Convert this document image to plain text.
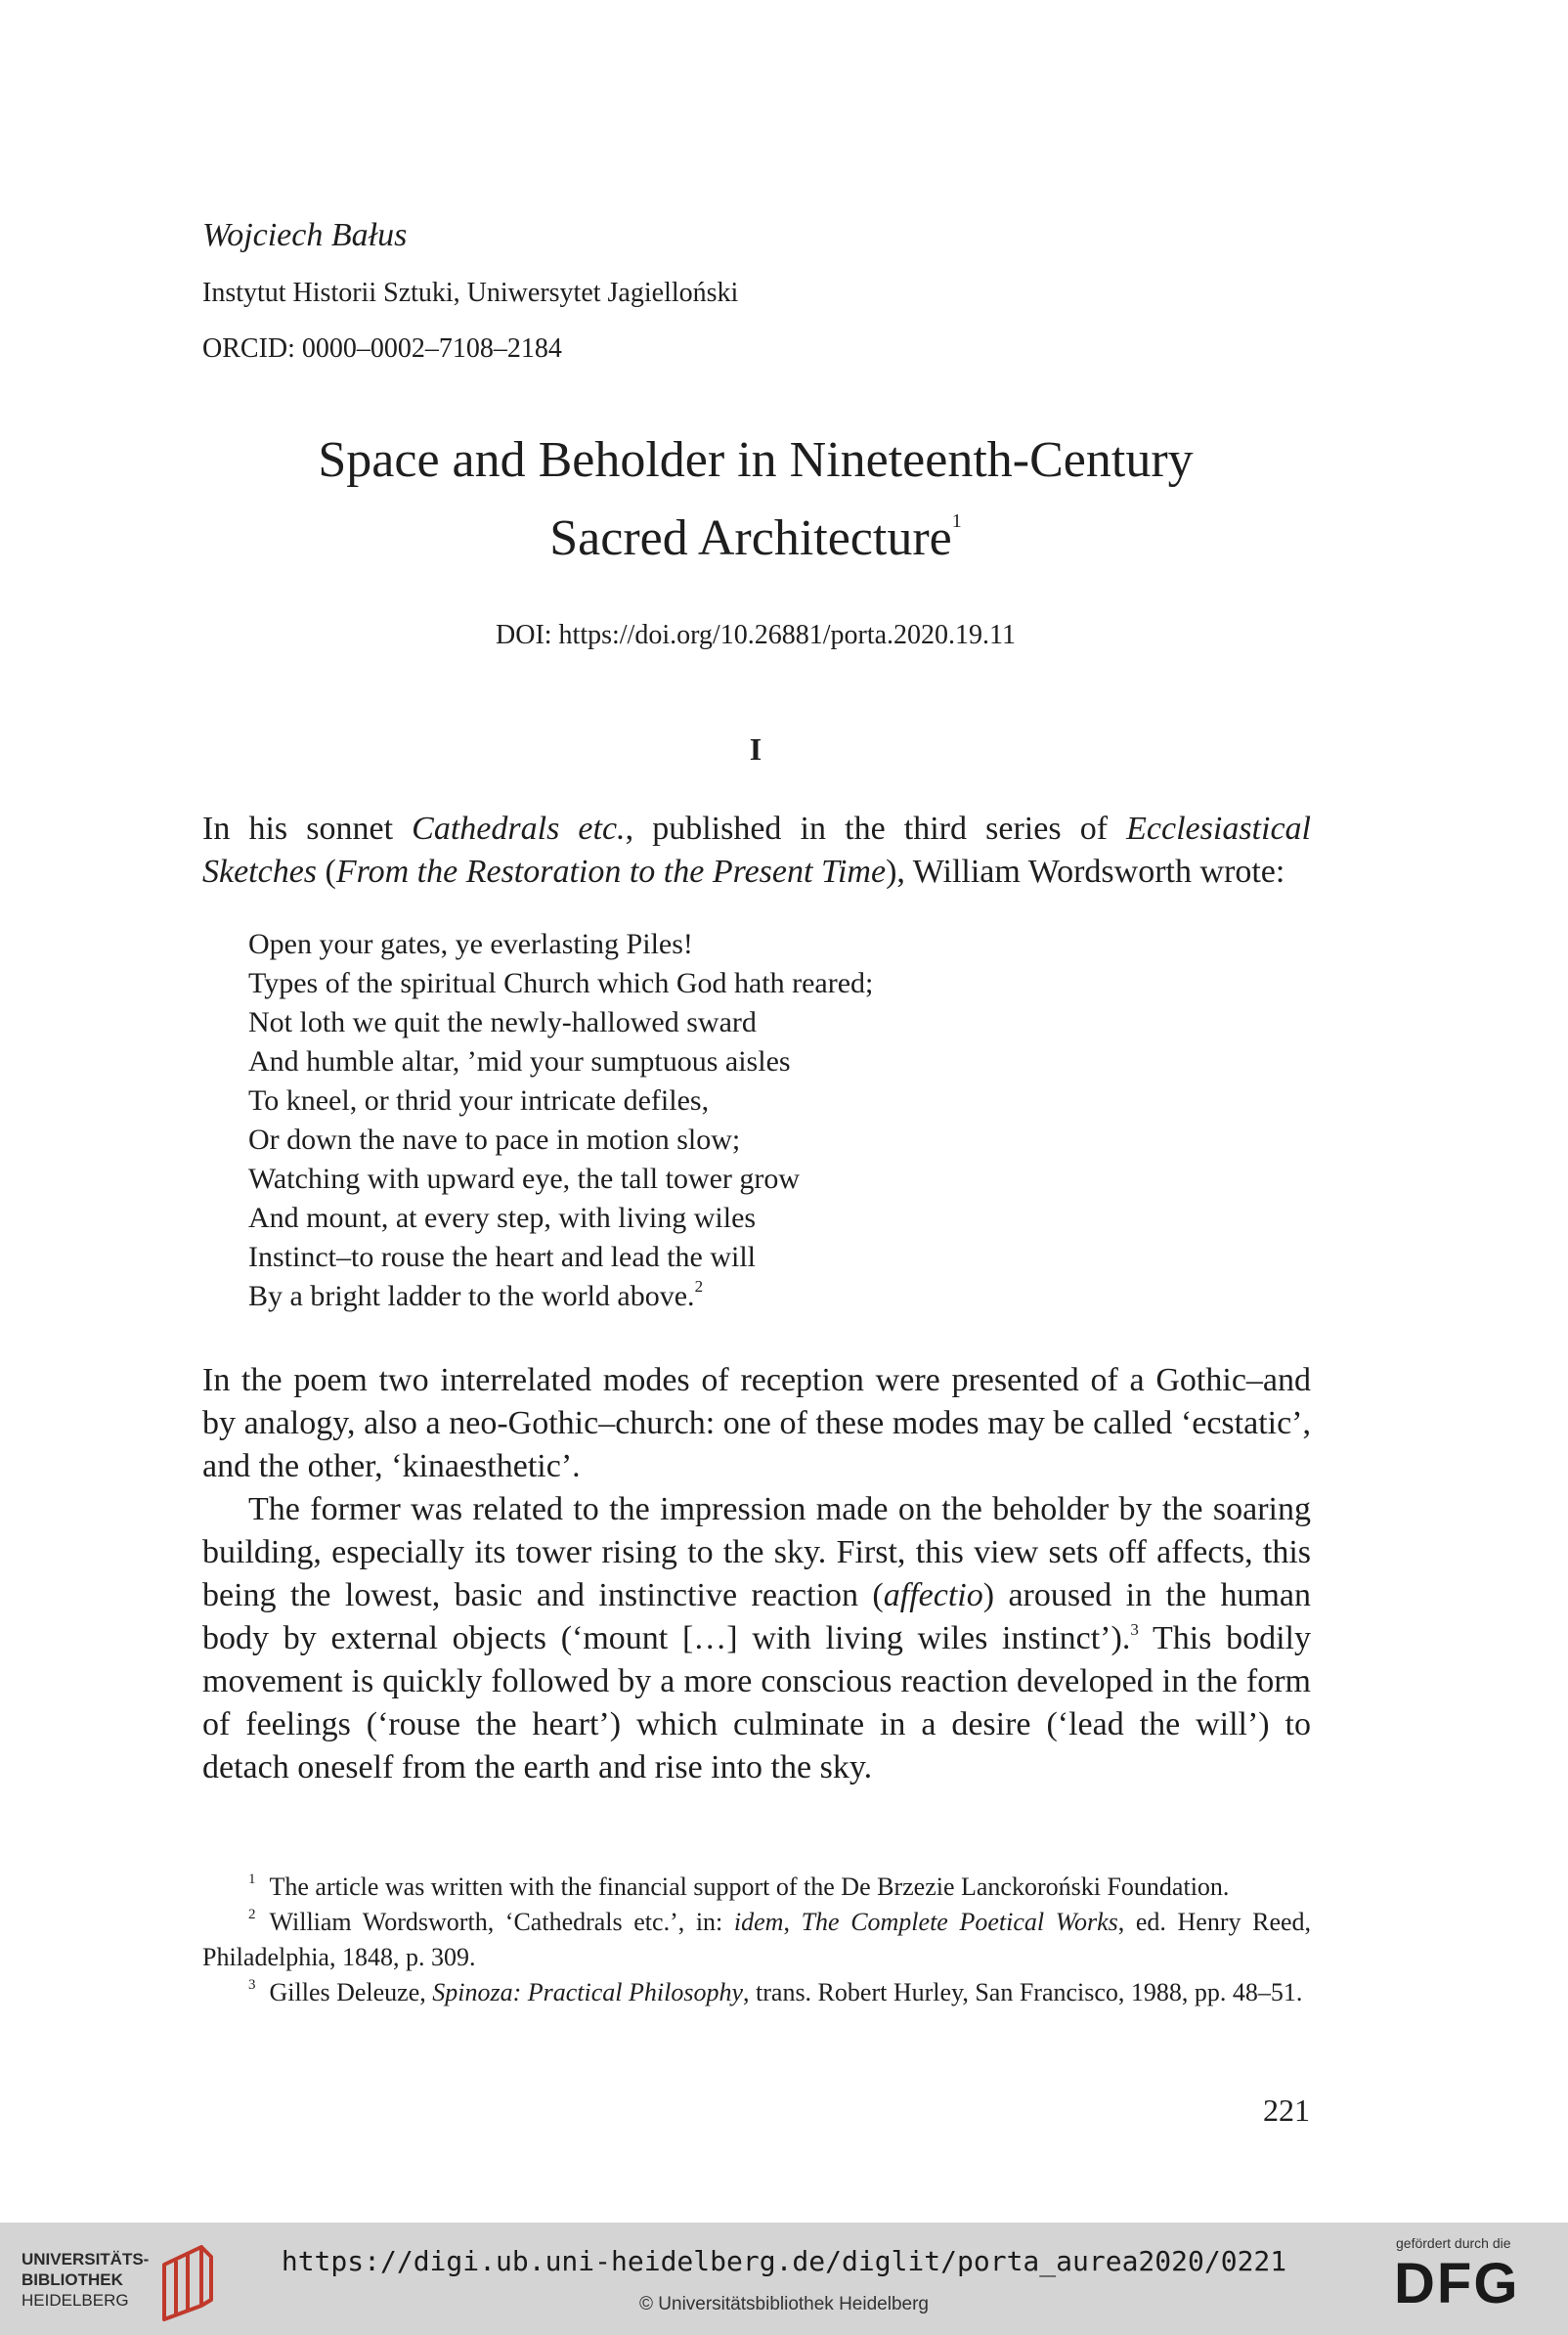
Wojciech Bałus
Instytut Historii Sztuki, Uniwersytet Jagielloński
ORCID: 0000–0002–7108–2184
Space and Beholder in Nineteenth-Century
Sacred Architecture$^1$
DOI: https://doi.org/10.26881/porta.2020.19.11
I

In his sonnet Cathedrals etc., published in the third series of Ecclesiastical Sketches (From the Restoration to the Present Time), William Wordsworth wrote:

Open your gates, ye everlasting Piles!
Types of the spiritual Church which God hath reared;
Not loth we quit the newly-hallowed sward
And humble altar, ’mid your sumptuous aisles
To kneel, or thrid your intricate defiles,
Or down the nave to pace in motion slow;
Watching with upward eye, the tall tower grow
And mount, at every step, with living wiles
Instinct–to rouse the heart and lead the will
By a bright ladder to the world above.$^2$

In the poem two interrelated modes of reception were presented of a Gothic–and by analogy, also a neo-Gothic–church: one of these modes may be called ‘ecstatic’, and the other, ‘kinaesthetic’.

The former was related to the impression made on the beholder by the soaring building, especially its tower rising to the sky. First, this view sets off affects, this being the lowest, basic and instinctive reaction (affectio) aroused in the human body by external objects (‘mount […] with living wiles instinct’).$^3$ This bodily movement is quickly followed by a more conscious reaction developed in the form of feelings (‘rouse the heart’) which culminate in a desire (‘lead the will’) to detach oneself from the earth and rise into the sky.

$^1$ The article was written with the financial support of the De Brzezie Lanckoroński Foundation.

$^2$ William Wordsworth, ‘Cathedrals etc.’, in: idem, The Complete Poetical Works, ed. Henry Reed, Philadelphia, 1848, p. 309.

$^3$ Gilles Deleuze, Spinoza: Practical Philosophy, trans. Robert Hurley, San Francisco, 1988, pp. 48–51.

221
UNIVERSITÄTS-
BIBLIOTHEK
HEIDELBERG
https://digi.ub.uni-heidelberg.de/diglit/porta_aurea2020/0221
© Universitätsbibliothek Heidelberg
gefördert durch die
DFG
